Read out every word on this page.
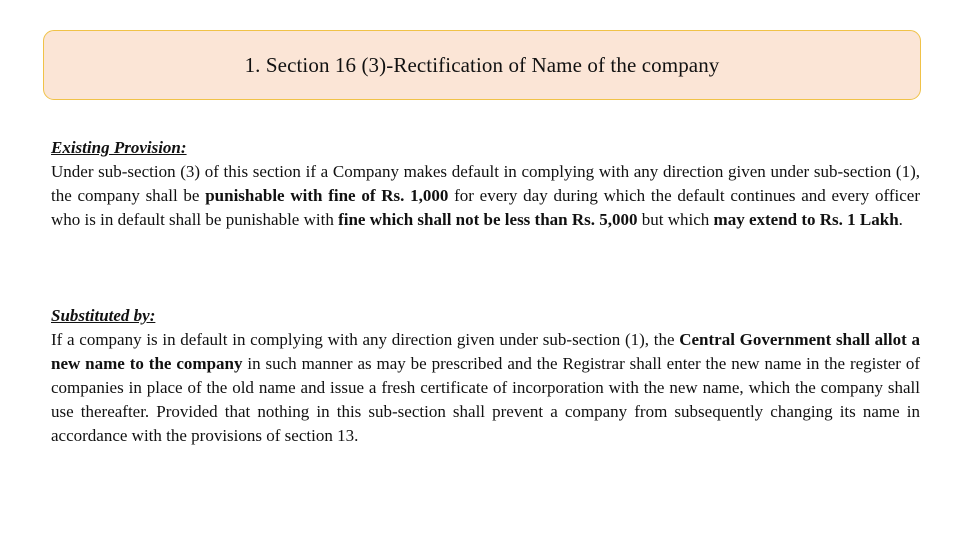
1. Section 16 (3)-Rectification of Name of the company
Existing Provision:
Under sub-section (3) of this section if a Company makes default in complying with any direction given under sub-section (1), the company shall be punishable with fine of Rs. 1,000 for every day during which the default continues and every officer who is in default shall be punishable with fine which shall not be less than Rs. 5,000 but which may extend to Rs. 1 Lakh.
Substituted by:
If a company is in default in complying with any direction given under sub-section (1), the Central Government shall allot a new name to the company in such manner as may be prescribed and the Registrar shall enter the new name in the register of companies in place of the old name and issue a fresh certificate of incorporation with the new name, which the company shall use thereafter. Provided that nothing in this sub-section shall prevent a company from subsequently changing its name in accordance with the provisions of section 13.
